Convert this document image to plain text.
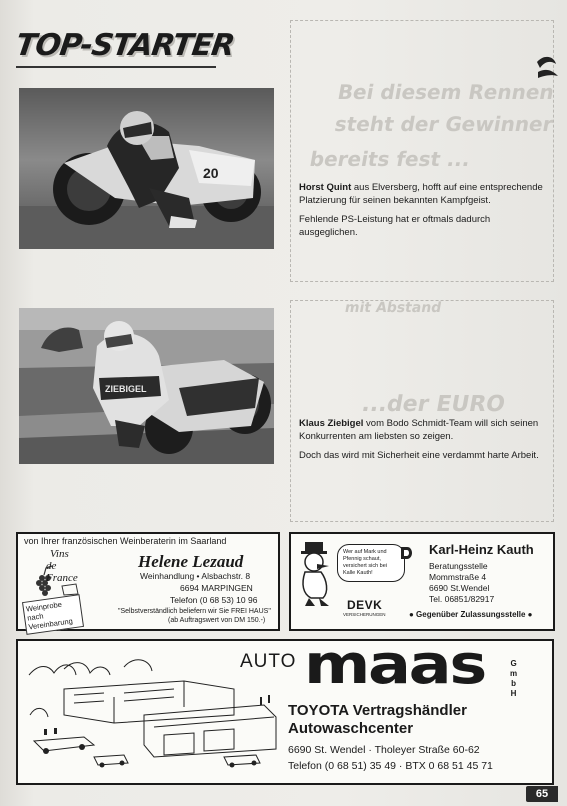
Bei diesem Rennen
steht der Gewinner
bereits fest ...
mit Abstand
...der EURO
TOP-STARTER
20

Horst Quint aus Elversberg, hofft auf eine entsprechende Platzierung für seinen bekannten Kampfgeist.

Fehlende PS-Leistung hat er oftmals dadurch ausgeglichen.

ZIEBIGEL

Klaus Ziebigel vom Bodo Schmidt-Team will sich seinen Konkurrenten am liebsten so zeigen.

Doch das wird mit Sicherheit eine verdammt harte Arbeit.

von Ihrer französischen Weinberaterin im Saarland
Vins
de France
Helene Lezaud
Weinhandlung • Alsbachstr. 8
6694 MARPINGEN
Telefon (0 68 53) 10 96
Weinprobe nach Vereinbarung
"Selbstverständlich beliefern wir Sie FREI HAUS"
(ab Auftragswert von DM 150.-)
Wer auf Mark und Pfennig schaut, versichert sich bei Kalle Kauth!
DEVK
VERSICHERUNGEN
Karl-Heinz Kauth
Beratungsstelle
Mommstraße 4
6690 St.Wendel
Tel. 06851/82917
● Gegenüber Zulassungsstelle ●
AUTO maas	G
m
b
H
TOYOTA Vertragshändler
Autowaschcenter
6690 St. Wendel · Tholeyer Straße 60-62
Telefon (0 68 51) 35 49 · BTX 0 68 51 45 71
65
